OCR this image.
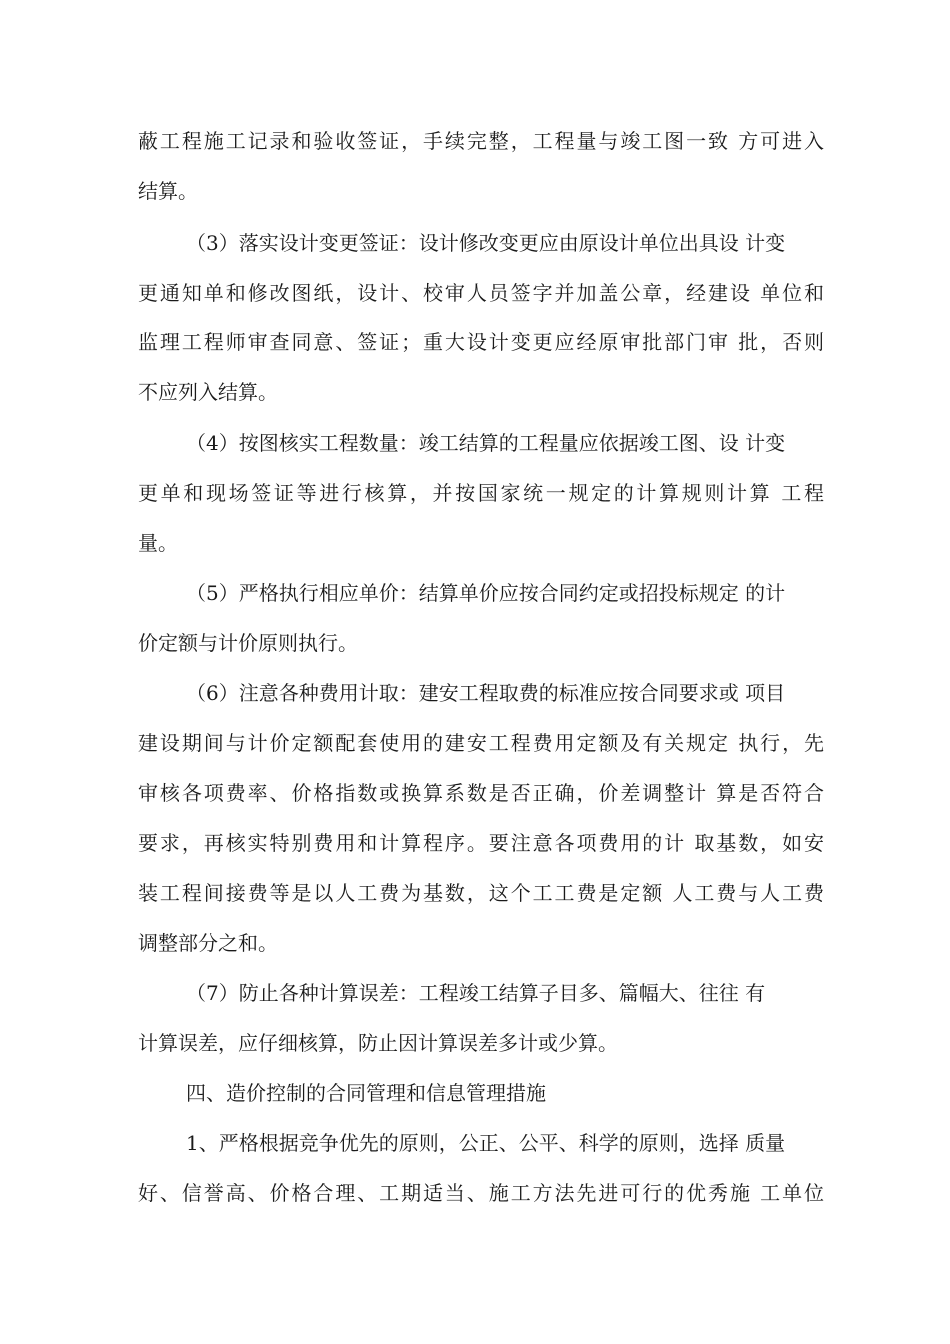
蔽工程施工记录和验收签证，手续完整，工程量与竣工图一致 方可进入
结算。
（3）落实设计变更签证：设计修改变更应由原设计单位出具设 计变
更通知单和修改图纸，设计、校审人员签字并加盖公章，经建设 单位和
监理工程师审查同意、签证；重大设计变更应经原审批部门审 批，否则
不应列入结算。
（4）按图核实工程数量：竣工结算的工程量应依据竣工图、设 计变
更单和现场签证等进行核算，并按国家统一规定的计算规则计算 工程
量。
（5）严格执行相应单价：结算单价应按合同约定或招投标规定 的计
价定额与计价原则执行。
（6）注意各种费用计取：建安工程取费的标准应按合同要求或 项目
建设期间与计价定额配套使用的建安工程费用定额及有关规定 执行，先
审核各项费率、价格指数或换算系数是否正确，价差调整计 算是否符合
要求，再核实特别费用和计算程序。要注意各项费用的计 取基数，如安
装工程间接费等是以人工费为基数，这个工工费是定额 人工费与人工费
调整部分之和。
（7）防止各种计算误差：工程竣工结算子目多、篇幅大、往往 有
计算误差，应仔细核算，防止因计算误差多计或少算。
四、造价控制的合同管理和信息管理措施
1、严格根据竞争优先的原则，公正、公平、科学的原则，选择 质量
好、信誉高、价格合理、工期适当、施工方法先进可行的优秀施 工单位
